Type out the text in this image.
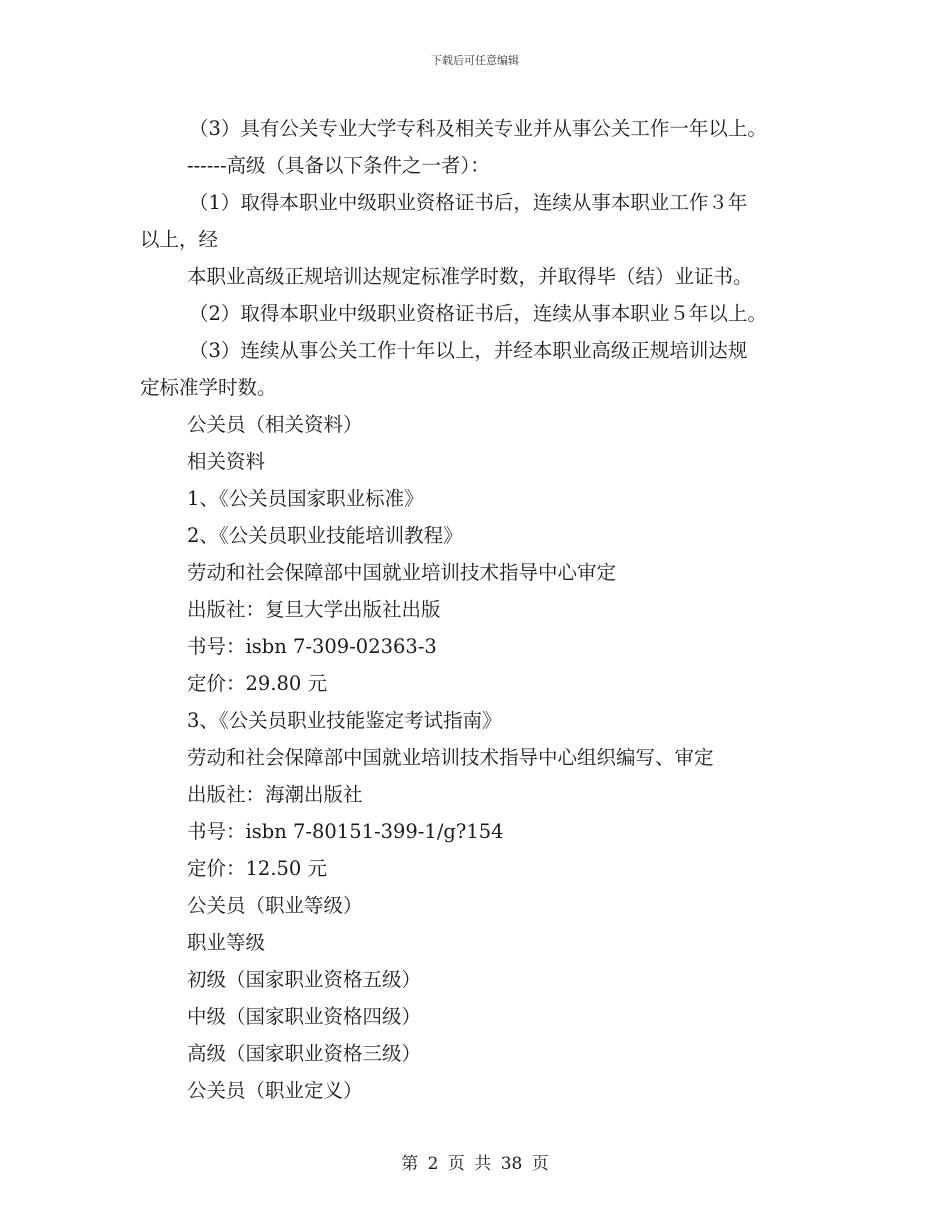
下载后可任意编辑
（3）具有公关专业大学专科及相关专业并从事公关工作一年以上。
------高级（具备以下条件之一者）：
（1）取得本职业中级职业资格证书后，连续从事本职业工作３年
以上，经
本职业高级正规培训达规定标准学时数，并取得毕（结）业证书。
（2）取得本职业中级职业资格证书后，连续从事本职业５年以上。
（3）连续从事公关工作十年以上，并经本职业高级正规培训达规
定标准学时数。
公关员（相关资料）
相关资料
1、《公关员国家职业标准》
2、《公关员职业技能培训教程》
劳动和社会保障部中国就业培训技术指导中心审定
出版社：复旦大学出版社出版
书号：isbn 7-309-02363-3
定价：29.80 元
3、《公关员职业技能鉴定考试指南》
劳动和社会保障部中国就业培训技术指导中心组织编写、审定
出版社：海潮出版社
书号：isbn 7-80151-399-1/g?154
定价：12.50 元
公关员（职业等级）
职业等级
初级（国家职业资格五级）
中级（国家职业资格四级）
高级（国家职业资格三级）
公关员（职业定义）
第 2 页 共 38 页
